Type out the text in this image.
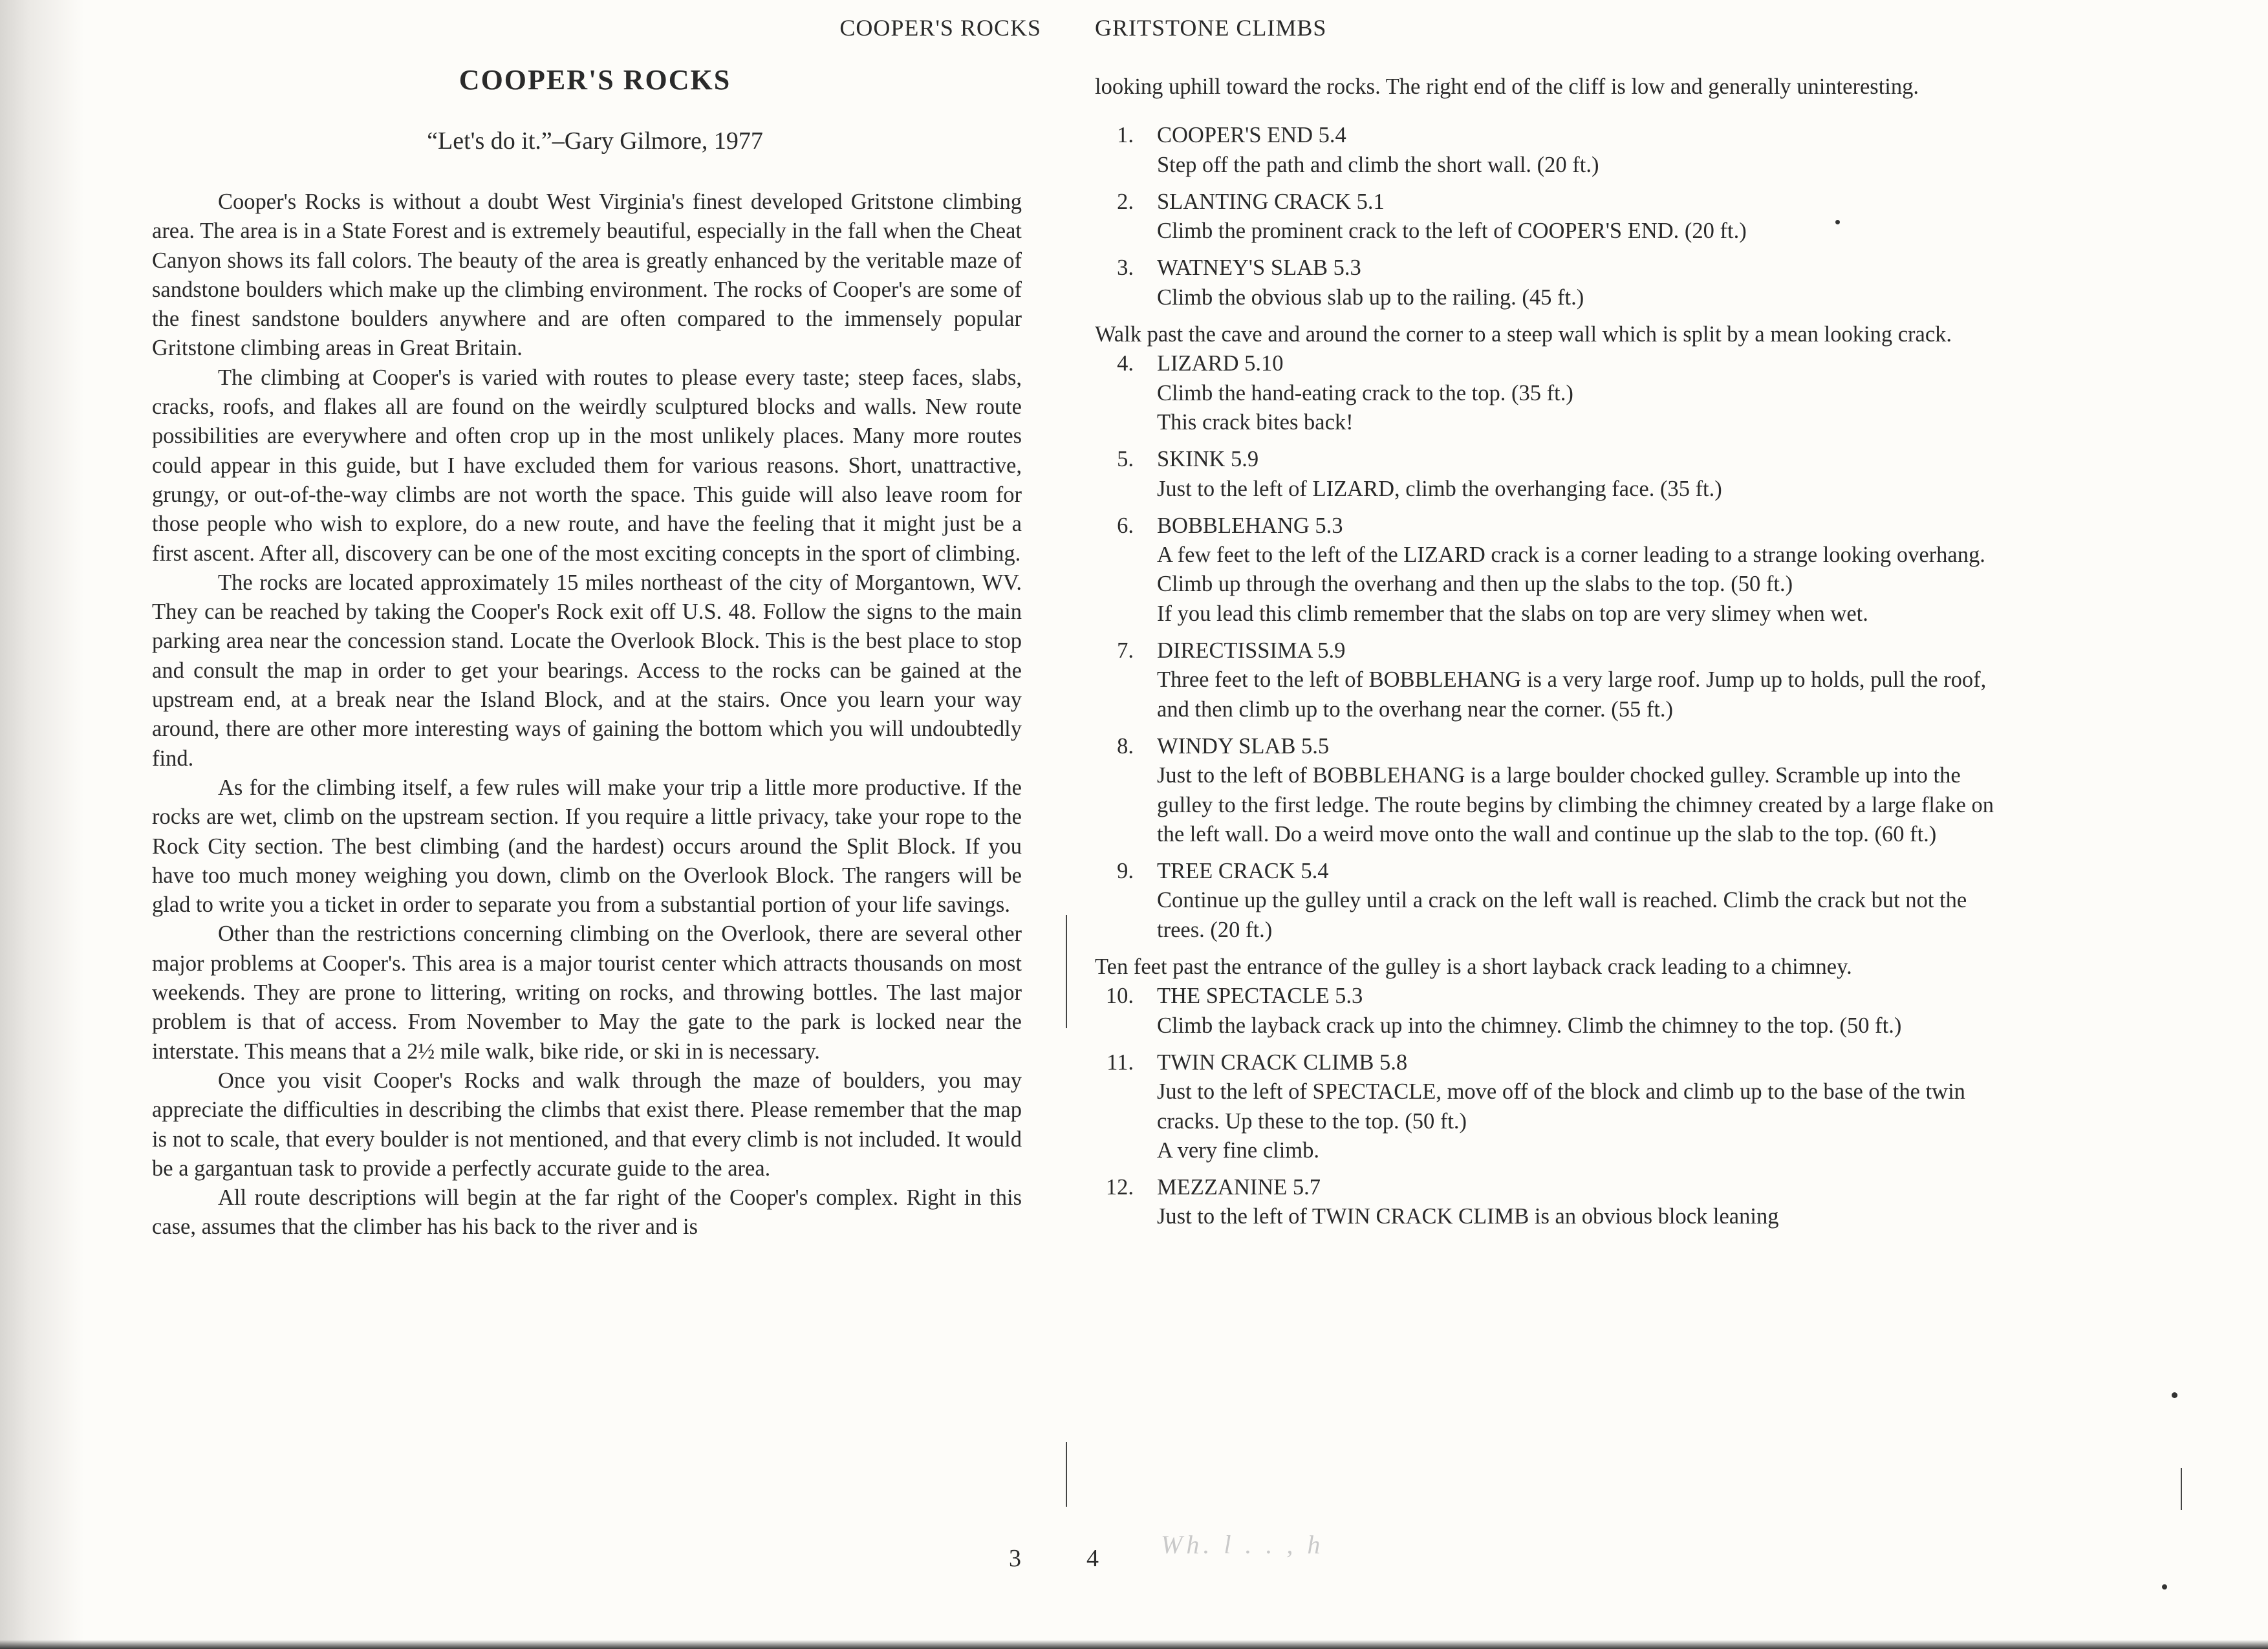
COOPER'S ROCKS
COOPER'S ROCKS
“Let's do it.”–Gary Gilmore, 1977

Cooper's Rocks is without a doubt West Virginia's finest developed Gritstone climbing area. The area is in a State Forest and is extremely beautiful, especially in the fall when the Cheat Canyon shows its fall colors. The beauty of the area is greatly enhanced by the veritable maze of sandstone boulders which make up the climbing environment. The rocks of Cooper's are some of the finest sandstone boulders anywhere and are often compared to the immensely popular Gritstone climbing areas in Great Britain.

The climbing at Cooper's is varied with routes to please every taste; steep faces, slabs, cracks, roofs, and flakes all are found on the weirdly sculptured blocks and walls. New route possibilities are everywhere and often crop up in the most unlikely places. Many more routes could appear in this guide, but I have excluded them for various reasons. Short, unattractive, grungy, or out-of-the-way climbs are not worth the space. This guide will also leave room for those people who wish to explore, do a new route, and have the feeling that it might just be a first ascent. After all, discovery can be one of the most exciting concepts in the sport of climbing.

The rocks are located approximately 15 miles northeast of the city of Morgantown, WV. They can be reached by taking the Cooper's Rock exit off U.S. 48. Follow the signs to the main parking area near the concession stand. Locate the Overlook Block. This is the best place to stop and consult the map in order to get your bearings. Access to the rocks can be gained at the upstream end, at a break near the Island Block, and at the stairs. Once you learn your way around, there are other more interesting ways of gaining the bottom which you will undoubtedly find.

As for the climbing itself, a few rules will make your trip a little more productive. If the rocks are wet, climb on the upstream section. If you require a little privacy, take your rope to the Rock City section. The best climbing (and the hardest) occurs around the Split Block. If you have too much money weighing you down, climb on the Overlook Block. The rangers will be glad to write you a ticket in order to separate you from a substantial portion of your life savings.

Other than the restrictions concerning climbing on the Overlook, there are several other major problems at Cooper's. This area is a major tourist center which attracts thousands on most weekends. They are prone to littering, writing on rocks, and throwing bottles. The last major problem is that of access. From November to May the gate to the park is locked near the interstate. This means that a 2½ mile walk, bike ride, or ski in is necessary.

Once you visit Cooper's Rocks and walk through the maze of boulders, you may appreciate the difficulties in describing the climbs that exist there. Please remember that the map is not to scale, that every boulder is not mentioned, and that every climb is not included. It would be a gargantuan task to provide a perfectly accurate guide to the area.

All route descriptions will begin at the far right of the Cooper's complex. Right in this case, assumes that the climber has his back to the river and is

3
GRITSTONE CLIMBS

looking uphill toward the rocks. The right end of the cliff is low and generally uninteresting.

1. COOPER'S END 5.4
Step off the path and climb the short wall. (20 ft.)
2. SLANTING CRACK 5.1
Climb the prominent crack to the left of COOPER'S END. (20 ft.)
3. WATNEY'S SLAB 5.3
Climb the obvious slab up to the railing. (45 ft.)

Walk past the cave and around the corner to a steep wall which is split by a mean looking crack.

4. LIZARD 5.10
Climb the hand-eating crack to the top. (35 ft.)
This crack bites back!
5. SKINK 5.9
Just to the left of LIZARD, climb the overhanging face. (35 ft.)
6. BOBBLEHANG 5.3
A few feet to the left of the LIZARD crack is a corner leading to a strange looking overhang. Climb up through the overhang and then up the slabs to the top. (50 ft.)
If you lead this climb remember that the slabs on top are very slimey when wet.
7. DIRECTISSIMA 5.9
Three feet to the left of BOBBLEHANG is a very large roof. Jump up to holds, pull the roof, and then climb up to the overhang near the corner. (55 ft.)
8. WINDY SLAB 5.5
Just to the left of BOBBLEHANG is a large boulder chocked gulley. Scramble up into the gulley to the first ledge. The route begins by climbing the chimney created by a large flake on the left wall. Do a weird move onto the wall and continue up the slab to the top. (60 ft.)
9. TREE CRACK 5.4
Continue up the gulley until a crack on the left wall is reached. Climb the crack but not the trees. (20 ft.)

Ten feet past the entrance of the gulley is a short layback crack leading to a chimney.

10. THE SPECTACLE 5.3
Climb the layback crack up into the chimney. Climb the chimney to the top. (50 ft.)
11. TWIN CRACK CLIMB 5.8
Just to the left of SPECTACLE, move off of the block and climb up to the base of the twin cracks. Up these to the top. (50 ft.)
A very fine climb.
12. MEZZANINE 5.7
Just to the left of TWIN CRACK CLIMB is an obvious block leaning
4 Wh. l . . , h
